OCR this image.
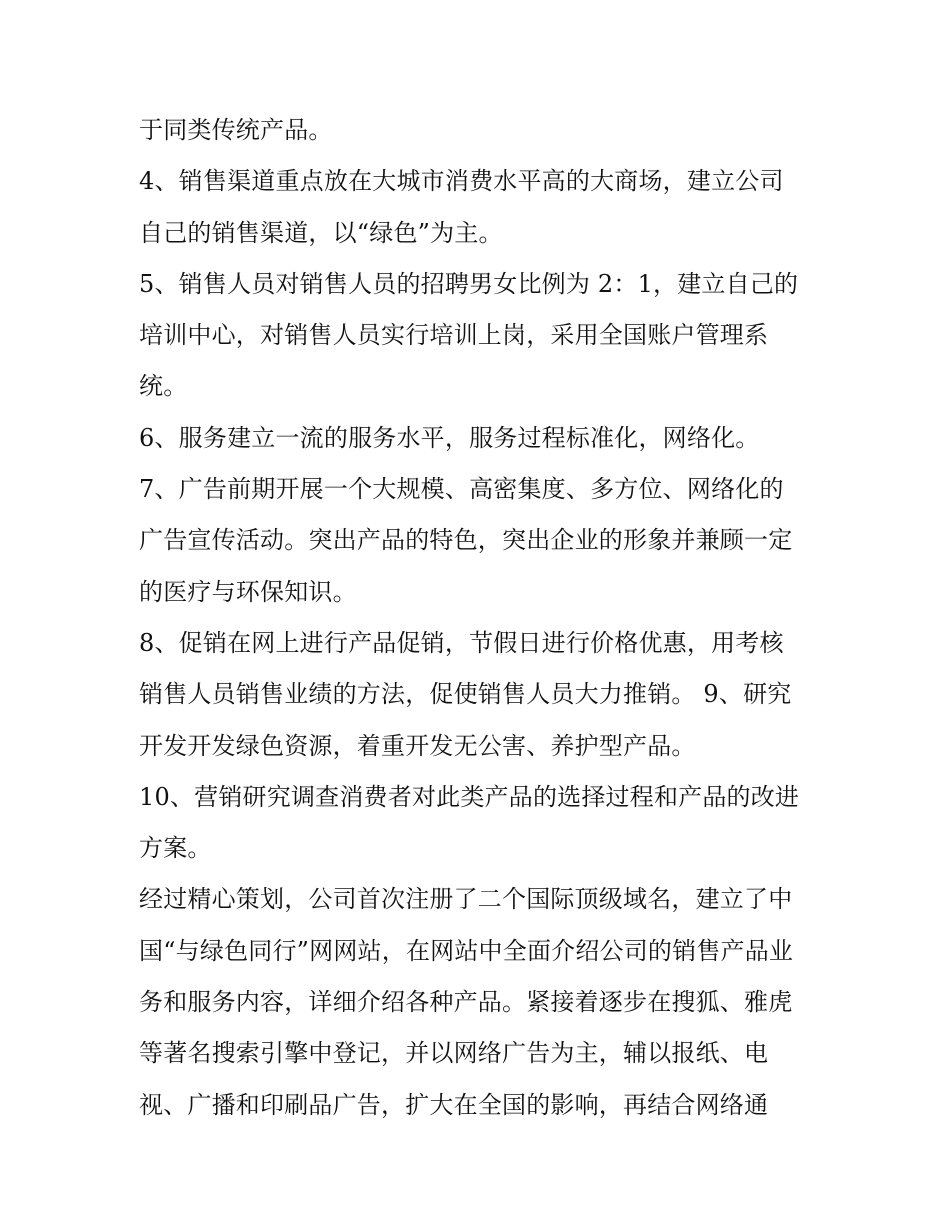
于同类传统产品。
4、销售渠道重点放在大城市消费水平高的大商场，建立公司
自己的销售渠道，以“绿色”为主。
5、销售人员对销售人员的招聘男女比例为 2：1，建立自己的
培训中心，对销售人员实行培训上岗，采用全国账户管理系
统。
6、服务建立一流的服务水平，服务过程标准化，网络化。
7、广告前期开展一个大规模、高密集度、多方位、网络化的
广告宣传活动。突出产品的特色，突出企业的形象并兼顾一定
的医疗与环保知识。
8、促销在网上进行产品促销，节假日进行价格优惠，用考核
销售人员销售业绩的方法，促使销售人员大力推销。 9、研究
开发开发绿色资源，着重开发无公害、养护型产品。
10、营销研究调查消费者对此类产品的选择过程和产品的改进
方案。
经过精心策划，公司首次注册了二个国际顶级域名，建立了中
国“与绿色同行”网网站，在网站中全面介绍公司的销售产品业
务和服务内容，详细介绍各种产品。紧接着逐步在搜狐、雅虎
等著名搜索引擎中登记，并以网络广告为主，辅以报纸、电
视、广播和印刷品广告，扩大在全国的影响，再结合网络通
